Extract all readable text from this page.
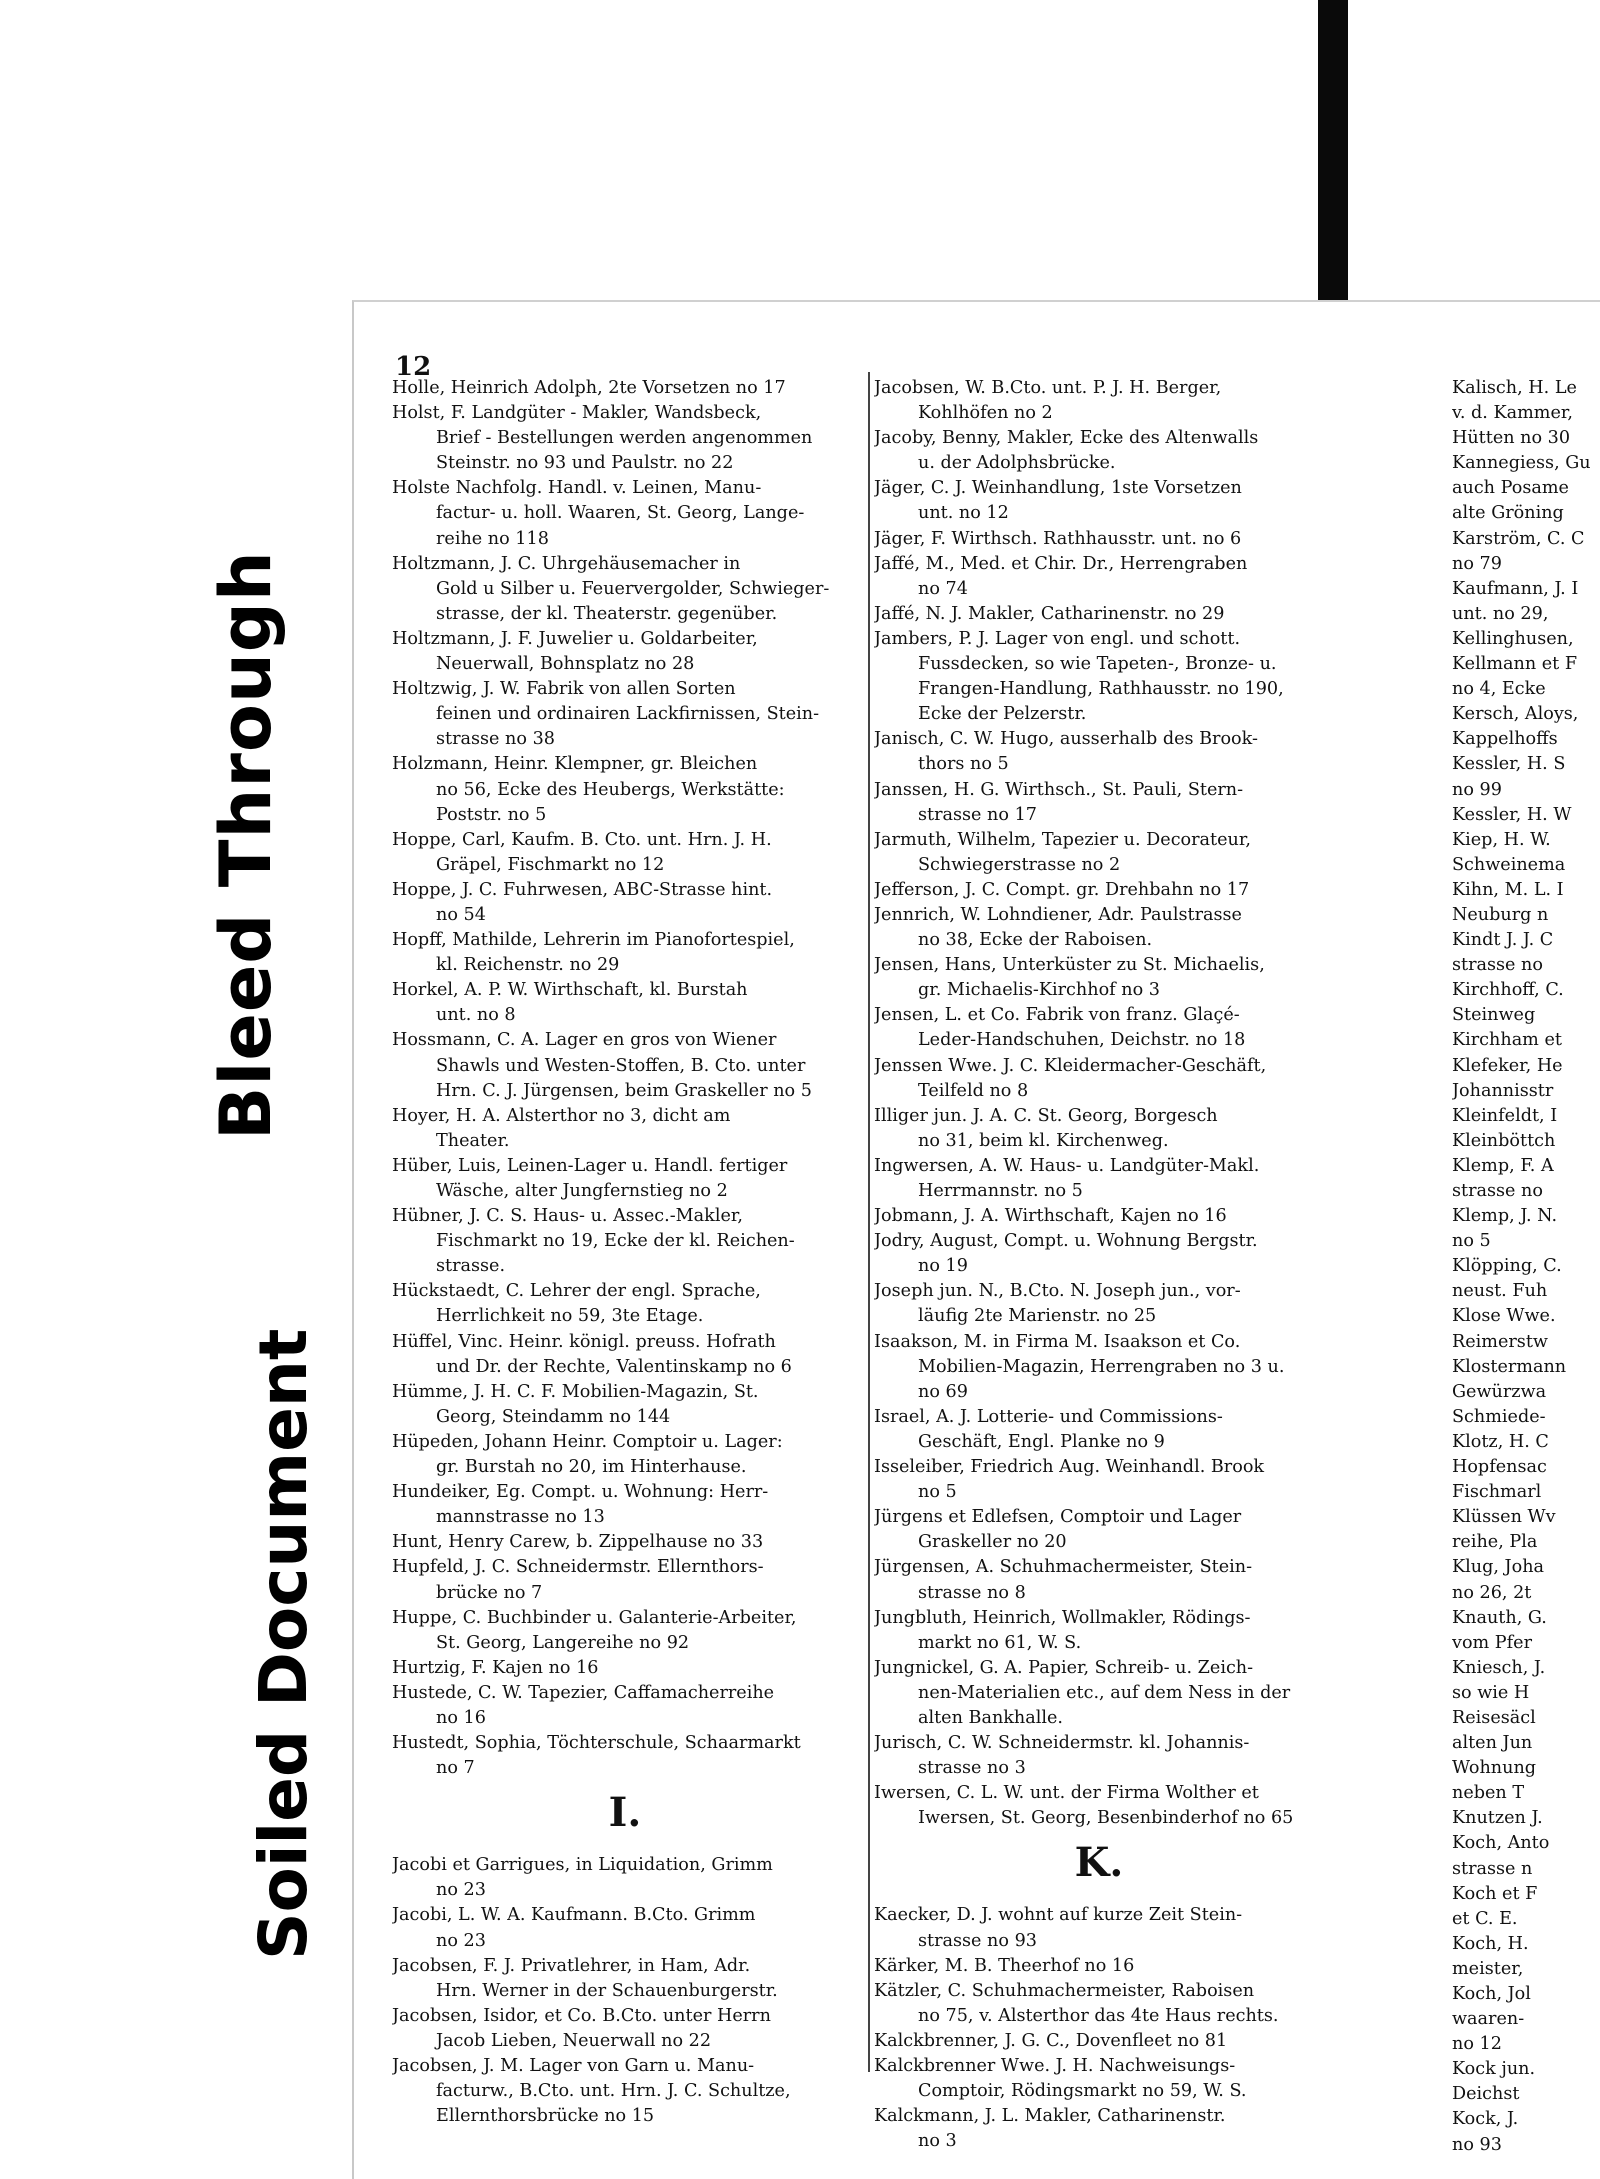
Bleed Through
Soiled Document
12
Holle, Heinrich Adolph, 2te Vorsetzen no 17
Holst, F. Landgüter - Makler, Wandsbeck,
Brief - Bestellungen werden angenommen
Steinstr. no 93 und Paulstr. no 22
Holste Nachfolg. Handl. v. Leinen, Manu-
factur- u. holl. Waaren, St. Georg, Lange-
reihe no 118
Holtzmann, J. C. Uhrgehäusemacher in
Gold u Silber u. Feuervergolder, Schwieger-
strasse, der kl. Theaterstr. gegenüber.
Holtzmann, J. F. Juwelier u. Goldarbeiter,
Neuerwall, Bohnsplatz no 28
Holtzwig, J. W. Fabrik von allen Sorten
feinen und ordinairen Lackfirnissen, Stein-
strasse no 38
Holzmann, Heinr. Klempner, gr. Bleichen
no 56, Ecke des Heubergs, Werkstätte:
Poststr. no 5
Hoppe, Carl, Kaufm. B. Cto. unt. Hrn. J. H.
Gräpel, Fischmarkt no 12
Hoppe, J. C. Fuhrwesen, ABC-Strasse hint.
no 54
Hopff, Mathilde, Lehrerin im Pianofortespiel,
kl. Reichenstr. no 29
Horkel, A. P. W. Wirthschaft, kl. Burstah
unt. no 8
Hossmann, C. A. Lager en gros von Wiener
Shawls und Westen-Stoffen, B. Cto. unter
Hrn. C. J. Jürgensen, beim Graskeller no 5
Hoyer, H. A. Alsterthor no 3, dicht am
Theater.
Hüber, Luis, Leinen-Lager u. Handl. fertiger
Wäsche, alter Jungfernstieg no 2
Hübner, J. C. S. Haus- u. Assec.-Makler,
Fischmarkt no 19, Ecke der kl. Reichen-
strasse.
Hückstaedt, C. Lehrer der engl. Sprache,
Herrlichkeit no 59, 3te Etage.
Hüffel, Vinc. Heinr. königl. preuss. Hofrath
und Dr. der Rechte, Valentinskamp no 6
Hümme, J. H. C. F. Mobilien-Magazin, St.
Georg, Steindamm no 144
Hüpeden, Johann Heinr. Comptoir u. Lager:
gr. Burstah no 20, im Hinterhause.
Hundeiker, Eg. Compt. u. Wohnung: Herr-
mannstrasse no 13
Hunt, Henry Carew, b. Zippelhause no 33
Hupfeld, J. C. Schneidermstr. Ellernthors-
brücke no 7
Huppe, C. Buchbinder u. Galanterie-Arbeiter,
St. Georg, Langereihe no 92
Hurtzig, F. Kajen no 16
Hustede, C. W. Tapezier, Caffamacherreihe
no 16
Hustedt, Sophia, Töchterschule, Schaarmarkt
no 7
I.
Jacobi et Garrigues, in Liquidation, Grimm
no 23
Jacobi, L. W. A. Kaufmann. B.Cto. Grimm
no 23
Jacobsen, F. J. Privatlehrer, in Ham, Adr.
Hrn. Werner in der Schauenburgerstr.
Jacobsen, Isidor, et Co. B.Cto. unter Herrn
Jacob Lieben, Neuerwall no 22
Jacobsen, J. M. Lager von Garn u. Manu-
facturw., B.Cto. unt. Hrn. J. C. Schultze,
Ellernthorsbrücke no 15
Jacobsen, W. B.Cto. unt. P. J. H. Berger,
Kohlhöfen no 2
Jacoby, Benny, Makler, Ecke des Altenwalls
u. der Adolphsbrücke.
Jäger, C. J. Weinhandlung, 1ste Vorsetzen
unt. no 12
Jäger, F. Wirthsch. Rathhausstr. unt. no 6
Jaffé, M., Med. et Chir. Dr., Herrengraben
no 74
Jaffé, N. J. Makler, Catharinenstr. no 29
Jambers, P. J. Lager von engl. und schott.
Fussdecken, so wie Tapeten-, Bronze- u.
Frangen-Handlung, Rathhausstr. no 190,
Ecke der Pelzerstr.
Janisch, C. W. Hugo, ausserhalb des Brook-
thors no 5
Janssen, H. G. Wirthsch., St. Pauli, Stern-
strasse no 17
Jarmuth, Wilhelm, Tapezier u. Decorateur,
Schwiegerstrasse no 2
Jefferson, J. C. Compt. gr. Drehbahn no 17
Jennrich, W. Lohndiener, Adr. Paulstrasse
no 38, Ecke der Raboisen.
Jensen, Hans, Unterküster zu St. Michaelis,
gr. Michaelis-Kirchhof no 3
Jensen, L. et Co. Fabrik von franz. Glaçé-
Leder-Handschuhen, Deichstr. no 18
Jenssen Wwe. J. C. Kleidermacher-Geschäft,
Teilfeld no 8
Illiger jun. J. A. C. St. Georg, Borgesch
no 31, beim kl. Kirchenweg.
Ingwersen, A. W. Haus- u. Landgüter-Makl.
Herrmannstr. no 5
Jobmann, J. A. Wirthschaft, Kajen no 16
Jodry, August, Compt. u. Wohnung Bergstr.
no 19
Joseph jun. N., B.Cto. N. Joseph jun., vor-
läufig 2te Marienstr. no 25
Isaakson, M. in Firma M. Isaakson et Co.
Mobilien-Magazin, Herrengraben no 3 u.
no 69
Israel, A. J. Lotterie- und Commissions-
Geschäft, Engl. Planke no 9
Isseleiber, Friedrich Aug. Weinhandl. Brook
no 5
Jürgens et Edlefsen, Comptoir und Lager
Graskeller no 20
Jürgensen, A. Schuhmachermeister, Stein-
strasse no 8
Jungbluth, Heinrich, Wollmakler, Rödings-
markt no 61, W. S.
Jungnickel, G. A. Papier, Schreib- u. Zeich-
nen-Materialien etc., auf dem Ness in der
alten Bankhalle.
Jurisch, C. W. Schneidermstr. kl. Johannis-
strasse no 3
Iwersen, C. L. W. unt. der Firma Wolther et
Iwersen, St. Georg, Besenbinderhof no 65
K.
Kaecker, D. J. wohnt auf kurze Zeit Stein-
strasse no 93
Kärker, M. B. Theerhof no 16
Kätzler, C. Schuhmachermeister, Raboisen
no 75, v. Alsterthor das 4te Haus rechts.
Kalckbrenner, J. G. C., Dovenfleet no 81
Kalckbrenner Wwe. J. H. Nachweisungs-
Comptoir, Rödingsmarkt no 59, W. S.
Kalckmann, J. L. Makler, Catharinenstr.
no 3
Kalisch, H. Le
v. d. Kammer,
Hütten no 30
Kannegiess, Gu
auch Posame
alte Gröning
Karström, C. C
no 79
Kaufmann, J. I
unt. no 29,
Kellinghusen,
Kellmann et F
no 4, Ecke
Kersch, Aloys,
Kappelhoffs
Kessler, H. S
no 99
Kessler, H. W
Kiep, H. W.
Schweinema
Kihn, M. L. I
Neuburg n
Kindt J. J. C
strasse no
Kirchhoff, C.
Steinweg
Kirchham et
Klefeker, He
Johannisstr
Kleinfeldt, I
Kleinböttch
Klemp, F. A
strasse no
Klemp, J. N.
no 5
Klöpping, C.
neust. Fuh
Klose Wwe.
Reimerstw
Klostermann
Gewürzwa
Schmiede-
Klotz, H. C
Hopfensac
Fischmarl
Klüssen Wv
reihe, Pla
Klug, Joha
no 26, 2t
Knauth, G.
vom Pfer
Kniesch, J.
so wie H
Reisesäcl
alten Jun
Wohnung
neben T
Knutzen J.
Koch, Anto
strasse n
Koch et F
et C. E.
Koch, H.
meister,
Koch, Jol
waaren-
no 12
Kock jun.
Deichst
Kock, J.
no 93
